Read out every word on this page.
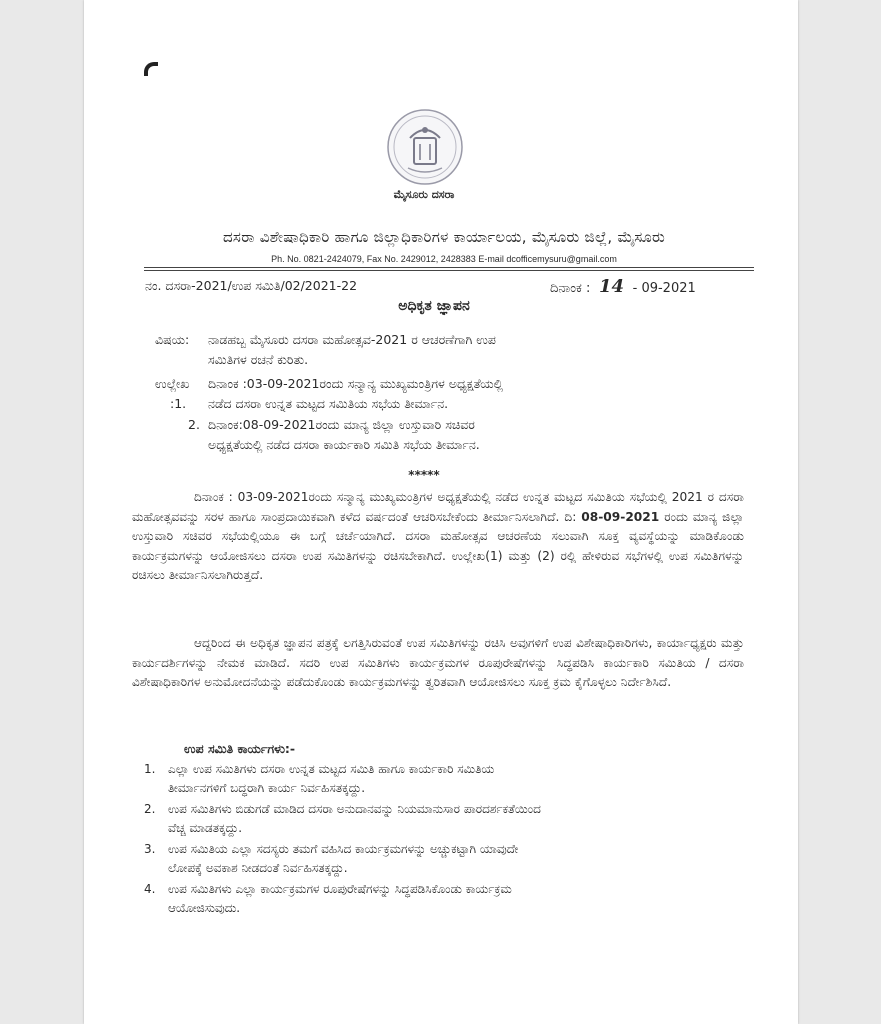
ಮೈಸೂರು ದಸರಾ
ದಸರಾ ವಿಶೇಷಾಧಿಕಾರಿ ಹಾಗೂ ಜಿಲ್ಲಾಧಿಕಾರಿಗಳ ಕಾರ್ಯಾಲಯ, ಮೈಸೂರು ಜಿಲ್ಲೆ, ಮೈಸೂರು
Ph. No. 0821-2424079, Fax No. 2429012, 2428383 E-mail dcofficemysuru@gmail.com
ನಂ. ದಸರಾ-2021/ಉಪ ಸಮಿತಿ/02/2021-22	ದಿನಾಂಕ : 14 - 09-2021
ಅಧಿಕೃತ ಜ್ಞಾಪನ
ವಿಷಯ: ನಾಡಹಬ್ಬ ಮೈಸೂರು ದಸರಾ ಮಹೋತ್ಸವ-2021 ರ ಆಚರಣೆಗಾಗಿ ಉಪ
ಸಮಿತಿಗಳ ರಚನೆ ಕುರಿತು.
ಉಲ್ಲೇಖ
:1.
ದಿನಾಂಕ :03-09-2021ರಂದು ಸನ್ಮಾನ್ಯ ಮುಖ್ಯಮಂತ್ರಿಗಳ ಅಧ್ಯಕ್ಷತೆಯಲ್ಲಿ
ನಡೆದ ದಸರಾ ಉನ್ನತ ಮಟ್ಟದ ಸಮಿತಿಯ ಸಭೆಯ ತೀರ್ಮಾನ.
2. ದಿನಾಂಕ:08-09-2021ರಂದು ಮಾನ್ಯ ಜಿಲ್ಲಾ ಉಸ್ತುವಾರಿ ಸಚಿವರ
ಅಧ್ಯಕ್ಷತೆಯಲ್ಲಿ ನಡೆದ ದಸರಾ ಕಾರ್ಯಕಾರಿ ಸಮಿತಿ ಸಭೆಯ ತೀರ್ಮಾನ.
*****
ದಿನಾಂಕ : 03-09-2021ರಂದು ಸನ್ಮಾನ್ಯ ಮುಖ್ಯಮಂತ್ರಿಗಳ ಅಧ್ಯಕ್ಷತೆಯಲ್ಲಿ ನಡೆದ ಉನ್ನತ ಮಟ್ಟದ ಸಮಿತಿಯ ಸಭೆಯಲ್ಲಿ 2021 ರ ದಸರಾ ಮಹೋತ್ಸವವನ್ನು ಸರಳ ಹಾಗೂ ಸಾಂಪ್ರದಾಯಿಕವಾಗಿ ಕಳೆದ ವರ್ಷದಂತೆ ಆಚರಿಸಬೇಕೆಂದು ತೀರ್ಮಾನಿಸಲಾಗಿದೆ. ದಿ: 08-09-2021 ರಂದು ಮಾನ್ಯ ಜಿಲ್ಲಾ ಉಸ್ತುವಾರಿ ಸಚಿವರ ಸಭೆಯಲ್ಲಿಯೂ ಈ ಬಗ್ಗೆ ಚರ್ಚೆಯಾಗಿದೆ. ದಸರಾ ಮಹೋತ್ಸವ ಆಚರಣೆಯ ಸಲುವಾಗಿ ಸೂಕ್ತ ವ್ಯವಸ್ಥೆಯನ್ನು ಮಾಡಿಕೊಂಡು ಕಾರ್ಯಕ್ರಮಗಳನ್ನು ಆಯೋಜಿಸಲು ದಸರಾ ಉಪ ಸಮಿತಿಗಳನ್ನು ರಚಿಸಬೇಕಾಗಿದೆ. ಉಲ್ಲೇಖ(1) ಮತ್ತು (2) ರಲ್ಲಿ ಹೇಳಿರುವ ಸಭೆಗಳಲ್ಲಿ ಉಪ ಸಮಿತಿಗಳನ್ನು ರಚಿಸಲು ತೀರ್ಮಾನಿಸಲಾಗಿರುತ್ತದೆ.
ಆದ್ದರಿಂದ ಈ ಅಧಿಕೃತ ಜ್ಞಾಪನ ಪತ್ರಕ್ಕೆ ಲಗತ್ತಿಸಿರುವಂತೆ ಉಪ ಸಮಿತಿಗಳನ್ನು ರಚಿಸಿ ಅವುಗಳಿಗೆ ಉಪ ವಿಶೇಷಾಧಿಕಾರಿಗಳು, ಕಾರ್ಯಾಧ್ಯಕ್ಷರು ಮತ್ತು ಕಾರ್ಯದರ್ಶಿಗಳನ್ನು ನೇಮಕ ಮಾಡಿದೆ. ಸದರಿ ಉಪ ಸಮಿತಿಗಳು ಕಾರ್ಯಕ್ರಮಗಳ ರೂಪುರೇಷೆಗಳನ್ನು ಸಿದ್ಧಪಡಿಸಿ ಕಾರ್ಯಕಾರಿ ಸಮಿತಿಯ / ದಸರಾ ವಿಶೇಷಾಧಿಕಾರಿಗಳ ಅನುಮೋದನೆಯನ್ನು ಪಡೆದುಕೊಂಡು ಕಾರ್ಯಕ್ರಮಗಳನ್ನು ತ್ವರಿತವಾಗಿ ಆಯೋಜಿಸಲು ಸೂಕ್ತ ಕ್ರಮ ಕೈಗೊಳ್ಳಲು ನಿರ್ದೇಶಿಸಿದೆ.
ಉಪ ಸಮಿತಿ ಕಾರ್ಯಗಳು:-
1. ಎಲ್ಲಾ ಉಪ ಸಮಿತಿಗಳು ದಸರಾ ಉನ್ನತ ಮಟ್ಟದ ಸಮಿತಿ ಹಾಗೂ ಕಾರ್ಯಕಾರಿ ಸಮಿತಿಯ
ತೀರ್ಮಾನಗಳಿಗೆ ಬದ್ಧರಾಗಿ ಕಾರ್ಯ ನಿರ್ವಹಿಸತಕ್ಕದ್ದು.
2. ಉಪ ಸಮಿತಿಗಳು ಬಿಡುಗಡೆ ಮಾಡಿದ ದಸರಾ ಅನುದಾನವನ್ನು ನಿಯಮಾನುಸಾರ ಪಾರದರ್ಶಕತೆಯಿಂದ
ವೆಚ್ಚ ಮಾಡತಕ್ಕದ್ದು.
3. ಉಪ ಸಮಿತಿಯ ಎಲ್ಲಾ ಸದಸ್ಯರು ತಮಗೆ ವಹಿಸಿದ ಕಾರ್ಯಕ್ರಮಗಳನ್ನು ಅಚ್ಚುಕಟ್ಟಾಗಿ ಯಾವುದೇ
ಲೋಪಕ್ಕೆ ಅವಕಾಶ ನೀಡದಂತೆ ನಿರ್ವಹಿಸತಕ್ಕದ್ದು.
4. ಉಪ ಸಮಿತಿಗಳು ಎಲ್ಲಾ ಕಾರ್ಯಕ್ರಮಗಳ ರೂಪುರೇಷೆಗಳನ್ನು ಸಿದ್ಧಪಡಿಸಿಕೊಂಡು ಕಾರ್ಯಕ್ರಮ
ಆಯೋಜಿಸುವುದು.
